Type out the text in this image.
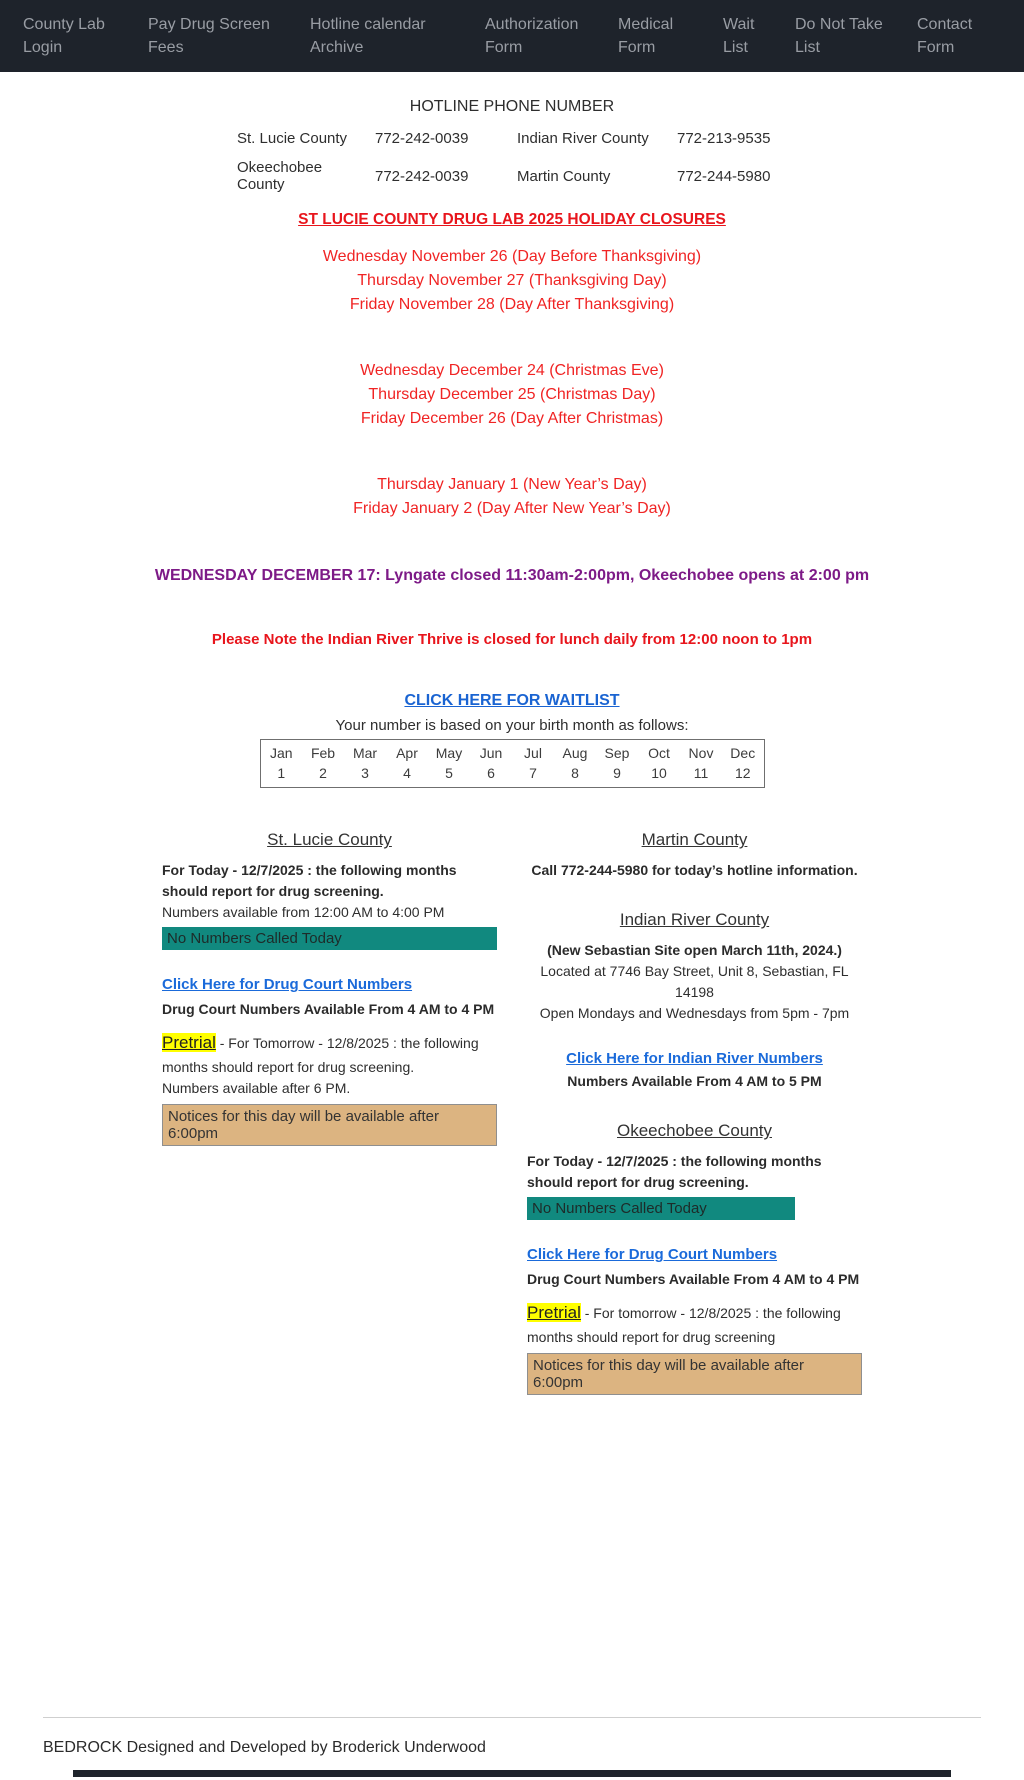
County Lab Login
Pay Drug Screen Fees
Hotline calendar Archive
Authorization Form
Medical Form
Wait List
Do Not Take List
Contact Form
HOTLINE PHONE NUMBER
St. Lucie County	772-242-0039	Indian River County	772-213-9535
Okeechobee County	772-242-0039	Martin County	772-244-5980
ST LUCIE COUNTY DRUG LAB 2025 HOLIDAY CLOSURES
Wednesday November 26 (Day Before Thanksgiving)
Thursday November 27 (Thanksgiving Day)
Friday November 28 (Day After Thanksgiving)
Wednesday December 24 (Christmas Eve)
Thursday December 25 (Christmas Day)
Friday December 26 (Day After Christmas)
Thursday January 1 (New Year’s Day)
Friday January 2 (Day After New Year’s Day)
WEDNESDAY DECEMBER 17: Lyngate closed 11:30am-2:00pm, Okeechobee opens at 2:00 pm
Please Note the Indian River Thrive is closed for lunch daily from 12:00 noon to 1pm
CLICK HERE FOR WAITLIST
Your number is based on your birth month as follows:
Jan	Feb	Mar	Apr	May	Jun	Jul	Aug	Sep	Oct	Nov	Dec
1	2	3	4	5	6	7	8	9	10	11	12
St. Lucie County
For Today - 12/7/2025 : the following months should report for drug screening.
Numbers available from 12:00 AM to 4:00 PM
No Numbers Called Today
Click Here for Drug Court Numbers
Drug Court Numbers Available From 4 AM to 4 PM
Pretrial - For Tomorrow - 12/8/2025 : the following months should report for drug screening.
Numbers available after 6 PM.
Notices for this day will be available after 6:00pm
Martin County
Call 772-244-5980 for today’s hotline information.
Indian River County
(New Sebastian Site open March 11th, 2024.)
Located at 7746 Bay Street, Unit 8, Sebastian, FL 14198
Open Mondays and Wednesdays from 5pm - 7pm
Click Here for Indian River Numbers
Numbers Available From 4 AM to 5 PM
Okeechobee County
For Today - 12/7/2025 : the following months should report for drug screening.
No Numbers Called Today
Click Here for Drug Court Numbers
Drug Court Numbers Available From 4 AM to 4 PM
Pretrial - For tomorrow - 12/8/2025 : the following months should report for drug screening
Notices for this day will be available after 6:00pm
BEDROCK Designed and Developed by Broderick Underwood
